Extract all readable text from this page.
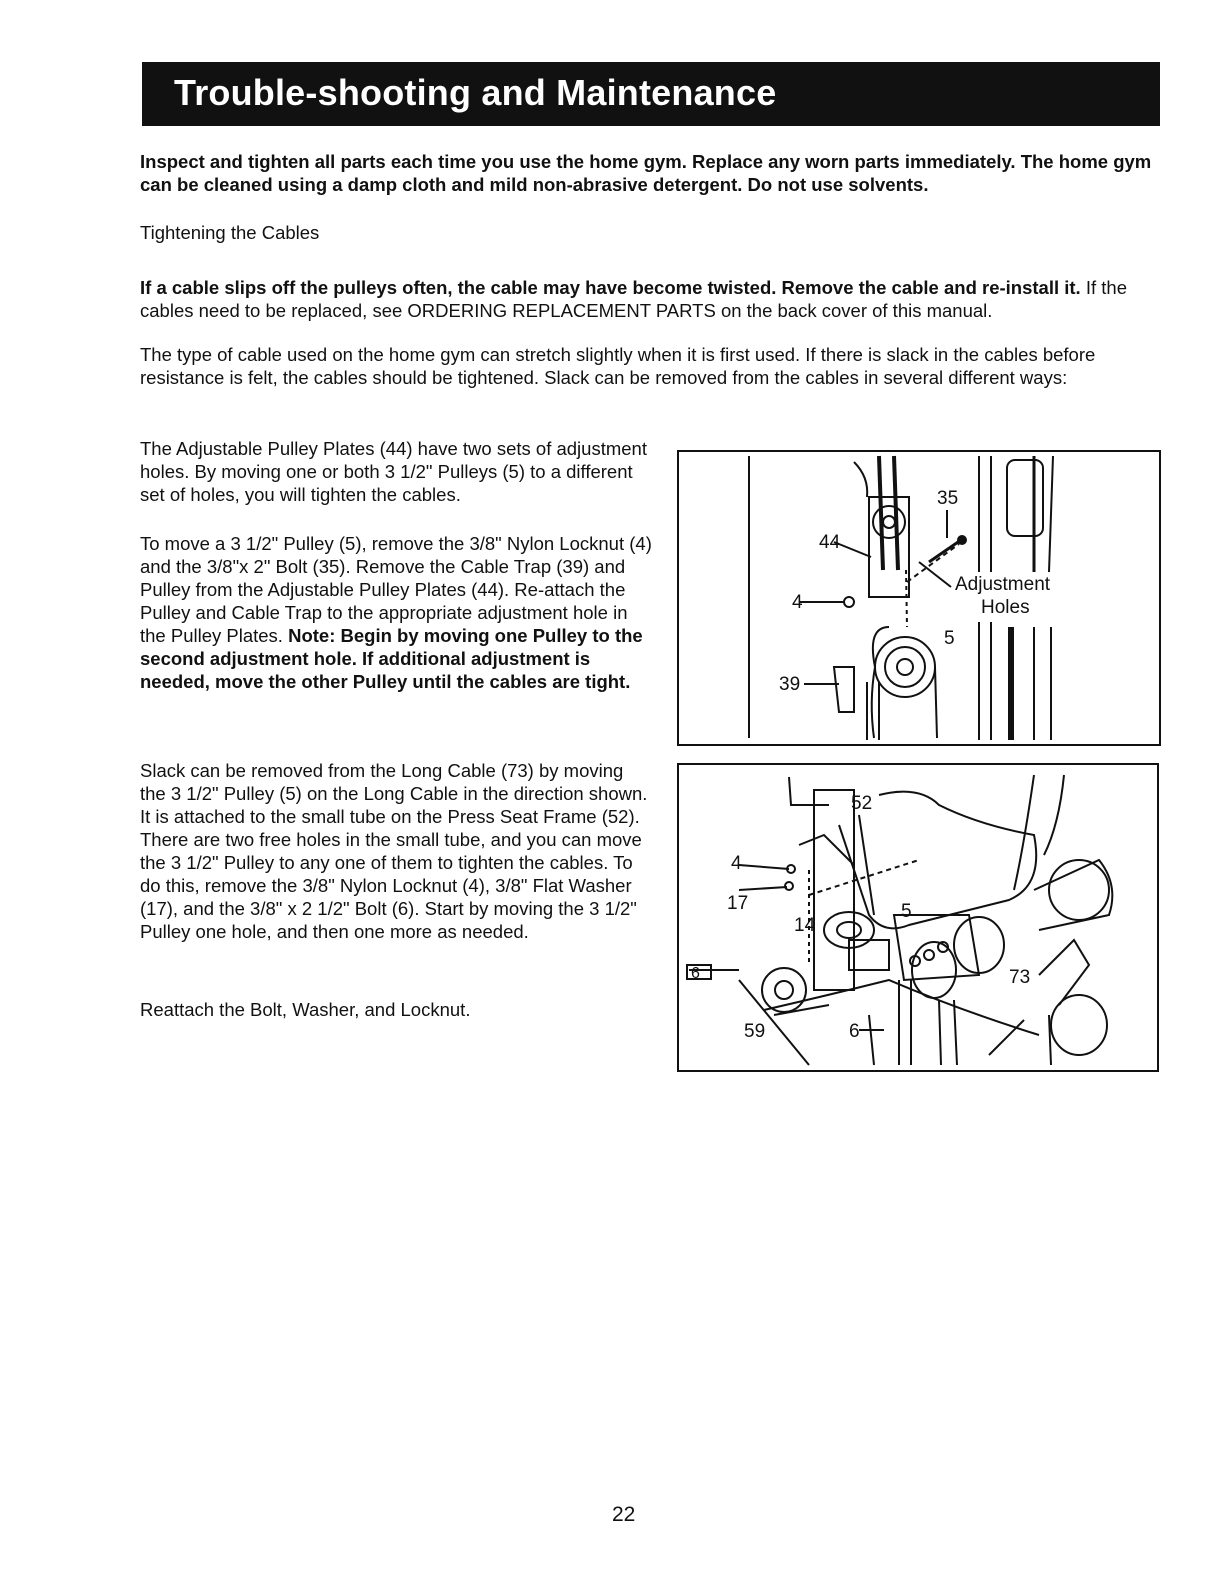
Trouble-shooting and Maintenance

Inspect and tighten all parts each time you use the home gym. Replace any worn parts immediately. The home gym can be cleaned using a damp cloth and mild non-abrasive detergent. Do not use solvents.

Tightening the Cables

If a cable slips off the pulleys often, the cable may have become twisted. Remove the cable and re-install it. If the cables need to be replaced, see ORDERING REPLACEMENT PARTS on the back cover of this manual.

The type of cable used on the home gym can stretch slightly when it is first used. If there is slack in the cables before resistance is felt, the cables should be tightened. Slack can be removed from the cables in several different ways:

The Adjustable Pulley Plates (44) have two sets of adjustment holes. By moving one or both 3 1/2" Pulleys (5) to a different set of holes, you will tighten the cables.

To move a 3 1/2" Pulley (5), remove the 3/8" Nylon Locknut (4) and the 3/8"x 2" Bolt (35). Remove the Cable Trap (39) and Pulley from the Adjustable Pulley Plates (44). Re-attach the Pulley and Cable Trap to the appropriate adjustment hole in the Pulley Plates. Note: Begin by moving one Pulley to the second adjustment hole. If additional adjustment is needed, move the other Pulley until the cables are tight.

Slack can be removed from the Long Cable (73) by moving the 3 1/2" Pulley (5) on the Long Cable in the direction shown. It is attached to the small tube on the Press Seat Frame (52). There are two free holes in the small tube, and you can move the 3 1/2" Pulley to any one of them to tighten the cables. To do this, remove the 3/8" Nylon Locknut (4), 3/8" Flat Washer (17), and the 3/8" x 2 1/2" Bolt (6). Start by moving the 3 1/2" Pulley one hole, and then one more as needed.

Reattach the Bolt, Washer, and Locknut.

35
44
Adjustment
Holes
4
5
39
52
4
17
14
5
6	73
59	6
22
